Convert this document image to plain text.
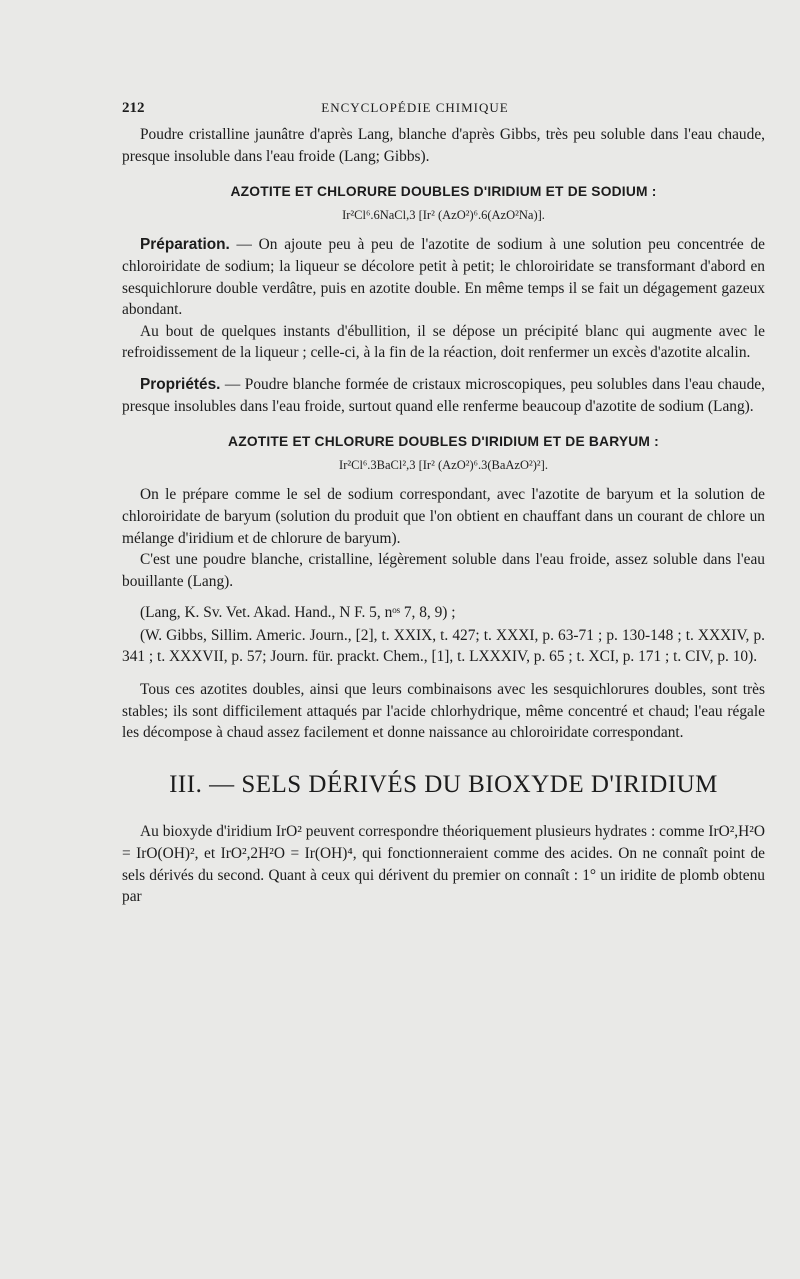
212	ENCYCLOPÉDIE CHIMIQUE

Poudre cristalline jaunâtre d'après Lang, blanche d'après Gibbs, très peu soluble dans l'eau chaude, presque insoluble dans l'eau froide (Lang; Gibbs).

AZOTITE ET CHLORURE DOUBLES D'IRIDIUM ET DE SODIUM :
Ir²Cl⁶.6NaCl,3 [Ir² (AzO²)⁶.6(AzO²Na)].

Préparation. — On ajoute peu à peu de l'azotite de sodium à une solution peu concentrée de chloroiridate de sodium; la liqueur se décolore petit à petit; le chloroiridate se transformant d'abord en sesquichlorure double verdâtre, puis en azotite double. En même temps il se fait un dégagement gazeux abondant.

Au bout de quelques instants d'ébullition, il se dépose un précipité blanc qui augmente avec le refroidissement de la liqueur ; celle-ci, à la fin de la réaction, doit renfermer un excès d'azotite alcalin.

Propriétés. — Poudre blanche formée de cristaux microscopiques, peu solubles dans l'eau chaude, presque insolubles dans l'eau froide, surtout quand elle renferme beaucoup d'azotite de sodium (Lang).

AZOTITE ET CHLORURE DOUBLES D'IRIDIUM ET DE BARYUM :
Ir²Cl⁶.3BaCl²,3 [Ir² (AzO²)⁶.3(BaAzO²)²].

On le prépare comme le sel de sodium correspondant, avec l'azotite de baryum et la solution de chloroiridate de baryum (solution du produit que l'on obtient en chauffant dans un courant de chlore un mélange d'iridium et de chlorure de baryum).

C'est une poudre blanche, cristalline, légèrement soluble dans l'eau froide, assez soluble dans l'eau bouillante (Lang).

(Lang, K. Sv. Vet. Akad. Hand., N F. 5, nᵒˢ 7, 8, 9) ;

(W. Gibbs, Sillim. Americ. Journ., [2], t. XXIX, t. 427; t. XXXI, p. 63-71 ; p. 130-148 ; t. XXXIV, p. 341 ; t. XXXVII, p. 57; Journ. für. prackt. Chem., [1], t. LXXXIV, p. 65 ; t. XCI, p. 171 ; t. CIV, p. 10).

Tous ces azotites doubles, ainsi que leurs combinaisons avec les sesquichlorures doubles, sont très stables; ils sont difficilement attaqués par l'acide chlorhydrique, même concentré et chaud; l'eau régale les décompose à chaud assez facilement et donne naissance au chloroiridate correspondant.

III. — SELS DÉRIVÉS DU BIOXYDE D'IRIDIUM

Au bioxyde d'iridium IrO² peuvent correspondre théoriquement plusieurs hydrates : comme IrO²,H²O = IrO(OH)², et IrO²,2H²O = Ir(OH)⁴, qui fonctionneraient comme des acides. On ne connaît point de sels dérivés du second. Quant à ceux qui dérivent du premier on connaît : 1° un iridite de plomb obtenu par
